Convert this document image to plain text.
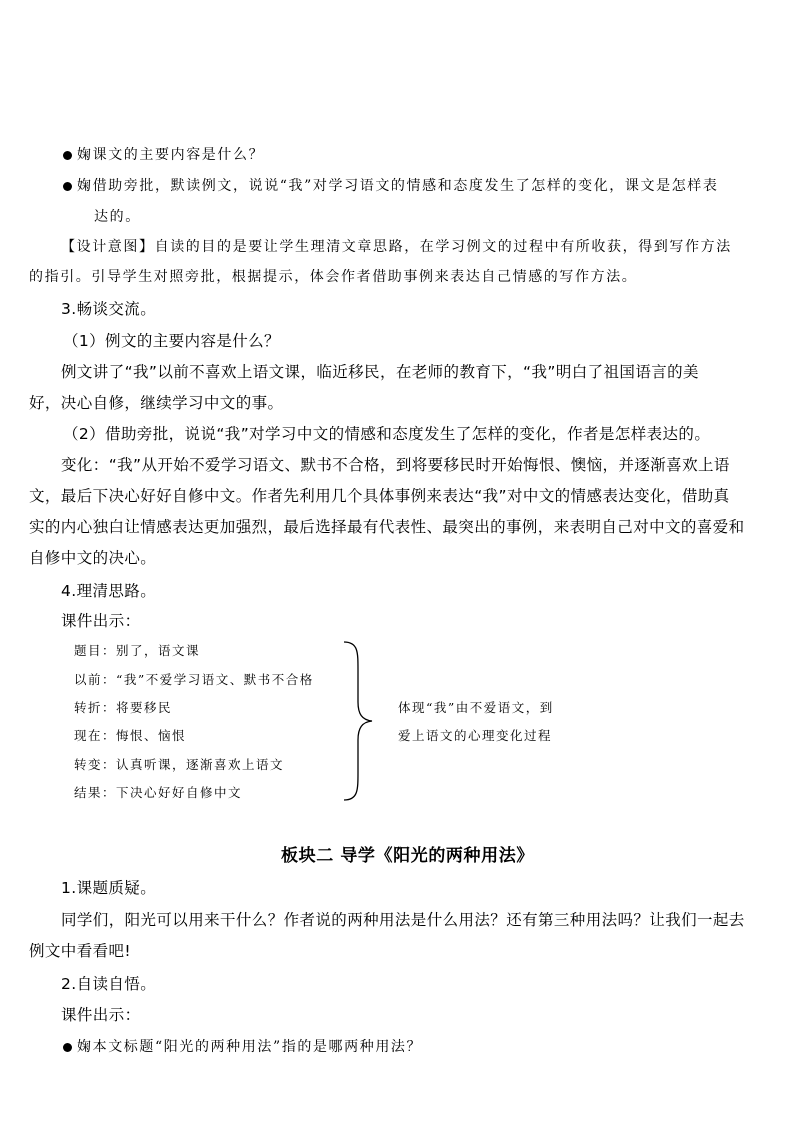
婅课文的主要内容是什么？
婅借助旁批，默读例文，说说“我”对学习语文的情感和态度发生了怎样的变化，课文是怎样表
达的。
【设计意图】自读的目的是要让学生理清文章思路，在学习例文的过程中有所收获，得到写作方法
的指引。引导学生对照旁批，根据提示，体会作者借助事例来表达自己情感的写作方法。
3.畅谈交流。
（1）例文的主要内容是什么？
例文讲了“我”以前不喜欢上语文课，临近移民，在老师的教育下，“我”明白了祖国语言的美
好，决心自修，继续学习中文的事。
（2）借助旁批，说说“我”对学习中文的情感和态度发生了怎样的变化，作者是怎样表达的。
变化：“我”从开始不爱学习语文、默书不合格，到将要移民时开始悔恨、懊恼，并逐渐喜欢上语
文，最后下决心好好自修中文。作者先利用几个具体事例来表达“我”对中文的情感表达变化，借助真
实的内心独白让情感表达更加强烈，最后选择最有代表性、最突出的事例，来表明自己对中文的喜爱和
自修中文的决心。
4.理清思路。
课件出示：
题目：别了，语文课
以前：“我”不爱学习语文、默书不合格
转折：将要移民
现在：悔恨、恼恨
转变：认真听课，逐渐喜欢上语文
结果：下决心好好自修中文
体现“我”由不爱语文，到
爱上语文的心理变化过程
板块二 导学《阳光的两种用法》
1.课题质疑。
同学们，阳光可以用来干什么？作者说的两种用法是什么用法？还有第三种用法吗？让我们一起去
例文中看看吧!
2.自读自悟。
课件出示：
婅本文标题“阳光的两种用法”指的是哪两种用法？
